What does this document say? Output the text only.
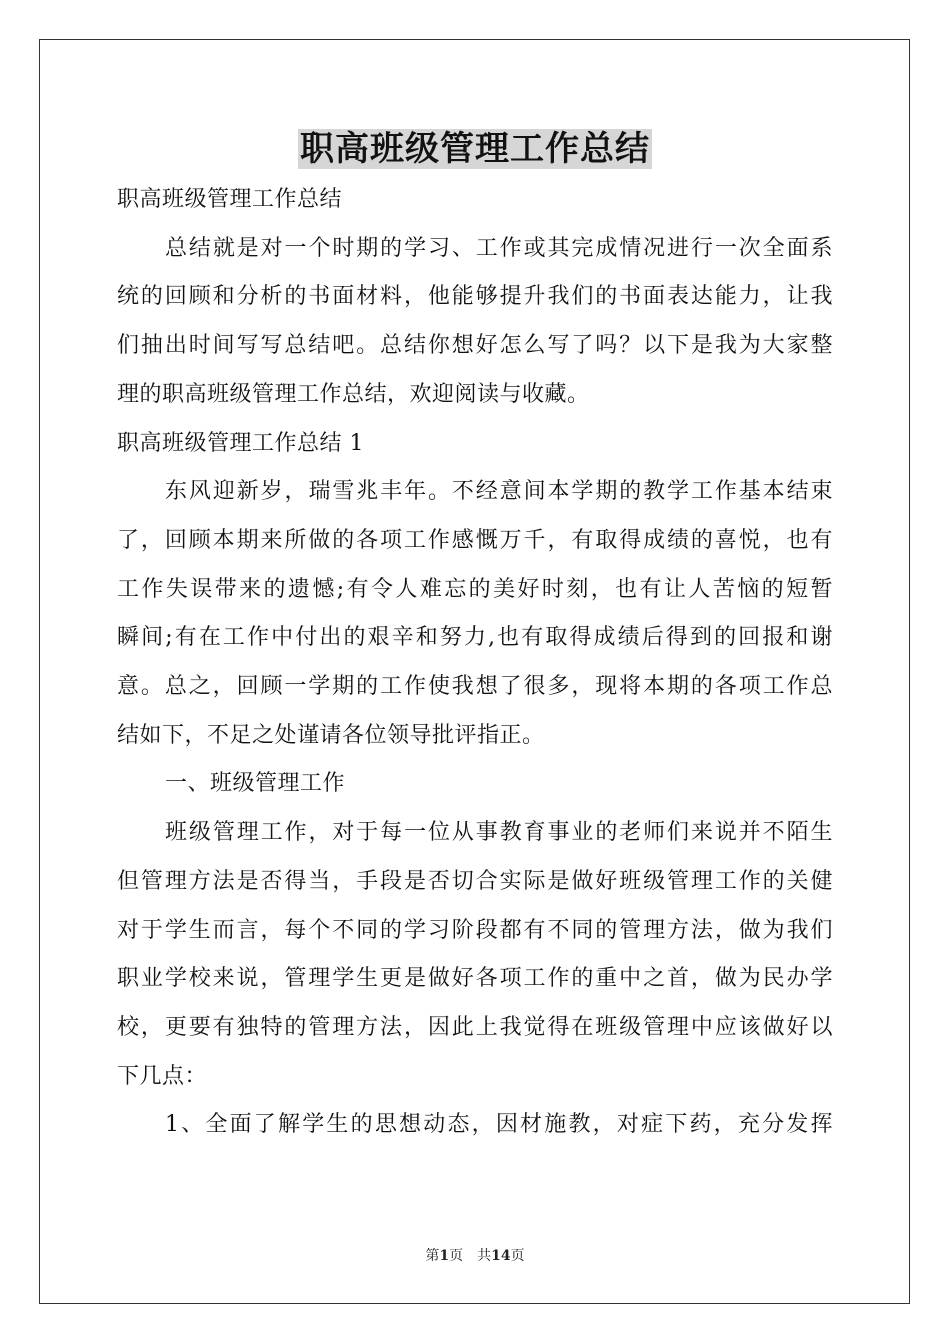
职高班级管理工作总结
职高班级管理工作总结
总结就是对一个时期的学习、工作或其完成情况进行一次全面系
统的回顾和分析的书面材料，他能够提升我们的书面表达能力，让我
们抽出时间写写总结吧。总结你想好怎么写了吗？以下是我为大家整
理的职高班级管理工作总结，欢迎阅读与收藏。
职高班级管理工作总结 1
东风迎新岁，瑞雪兆丰年。不经意间本学期的教学工作基本结束
了，回顾本期来所做的各项工作感慨万千，有取得成绩的喜悦，也有
工作失误带来的遗憾;有令人难忘的美好时刻，也有让人苦恼的短暂
瞬间;有在工作中付出的艰辛和努力,也有取得成绩后得到的回报和谢
意。总之，回顾一学期的工作使我想了很多，现将本期的各项工作总
结如下，不足之处谨请各位领导批评指正。
一、班级管理工作
班级管理工作，对于每一位从事教育事业的老师们来说并不陌生
但管理方法是否得当，手段是否切合实际是做好班级管理工作的关健
对于学生而言，每个不同的学习阶段都有不同的管理方法，做为我们
职业学校来说，管理学生更是做好各项工作的重中之首，做为民办学
校，更要有独特的管理方法，因此上我觉得在班级管理中应该做好以
下几点：
1、全面了解学生的思想动态，因材施教，对症下药，充分发挥
第1页 共14页
